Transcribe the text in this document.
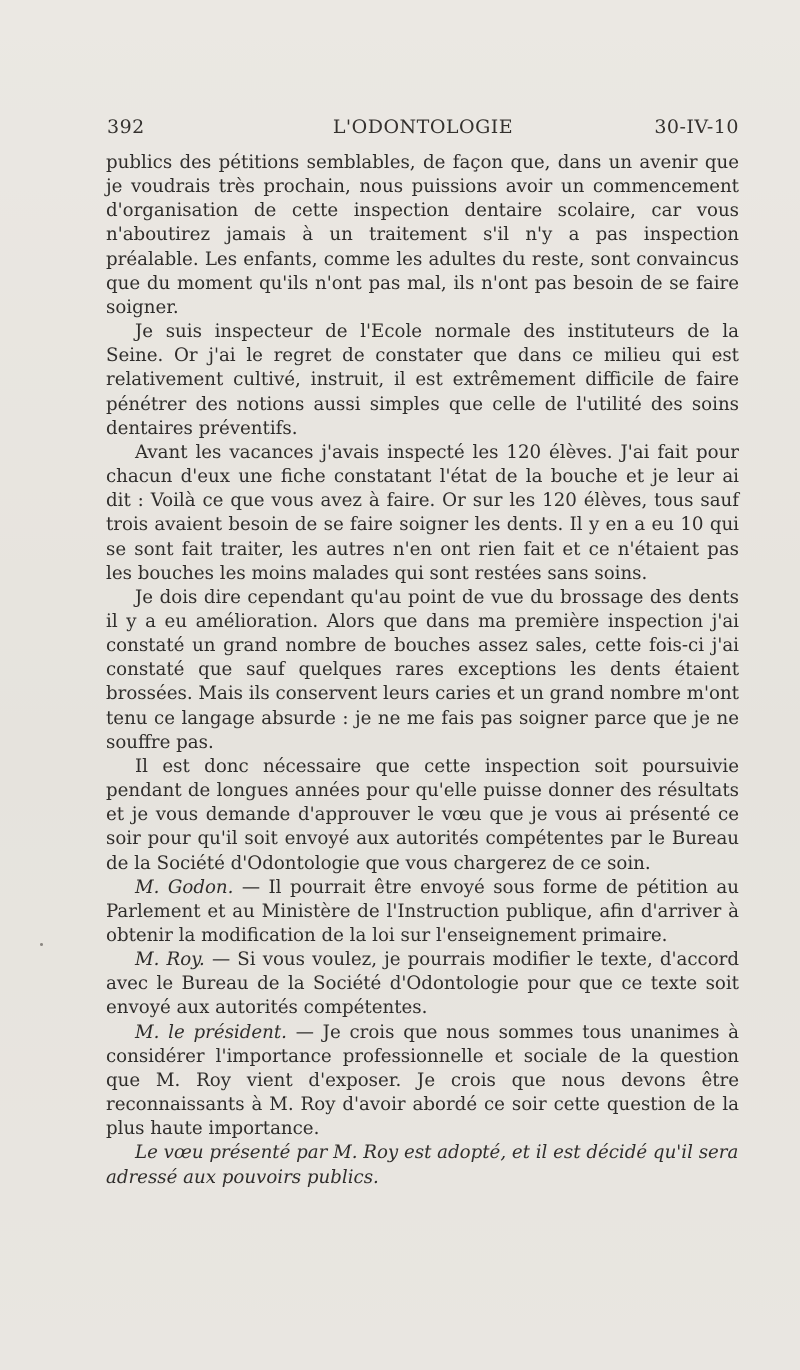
392	L'ODONTOLOGIE	30-IV-10

publics des pétitions semblables, de façon que, dans un avenir que je voudrais très prochain, nous puissions avoir un commencement d'organisation de cette inspection dentaire scolaire, car vous n'aboutirez jamais à un traitement s'il n'y a pas inspection préalable. Les enfants, comme les adultes du reste, sont convaincus que du moment qu'ils n'ont pas mal, ils n'ont pas besoin de se faire soigner.

Je suis inspecteur de l'Ecole normale des instituteurs de la Seine. Or j'ai le regret de constater que dans ce milieu qui est relativement cultivé, instruit, il est extrêmement difficile de faire pénétrer des notions aussi simples que celle de l'utilité des soins dentaires préventifs.

Avant les vacances j'avais inspecté les 120 élèves. J'ai fait pour chacun d'eux une fiche constatant l'état de la bouche et je leur ai dit : Voilà ce que vous avez à faire. Or sur les 120 élèves, tous sauf trois avaient besoin de se faire soigner les dents. Il y en a eu 10 qui se sont fait traiter, les autres n'en ont rien fait et ce n'étaient pas les bouches les moins malades qui sont restées sans soins.

Je dois dire cependant qu'au point de vue du brossage des dents il y a eu amélioration. Alors que dans ma première inspection j'ai constaté un grand nombre de bouches assez sales, cette fois-ci j'ai constaté que sauf quelques rares exceptions les dents étaient brossées. Mais ils conservent leurs caries et un grand nombre m'ont tenu ce langage absurde : je ne me fais pas soigner parce que je ne souffre pas.

Il est donc nécessaire que cette inspection soit poursuivie pendant de longues années pour qu'elle puisse donner des résultats et je vous demande d'approuver le vœu que je vous ai présenté ce soir pour qu'il soit envoyé aux autorités compétentes par le Bureau de la Société d'Odontologie que vous chargerez de ce soin.

M. Godon. — Il pourrait être envoyé sous forme de pétition au Parlement et au Ministère de l'Instruction publique, afin d'arriver à obtenir la modification de la loi sur l'enseignement primaire.

M. Roy. — Si vous voulez, je pourrais modifier le texte, d'accord avec le Bureau de la Société d'Odontologie pour que ce texte soit envoyé aux autorités compétentes.

M. le président. — Je crois que nous sommes tous unanimes à considérer l'importance professionnelle et sociale de la question que M. Roy vient d'exposer. Je crois que nous devons être reconnaissants à M. Roy d'avoir abordé ce soir cette question de la plus haute importance.

Le vœu présenté par M. Roy est adopté, et il est décidé qu'il sera adressé aux pouvoirs publics.
